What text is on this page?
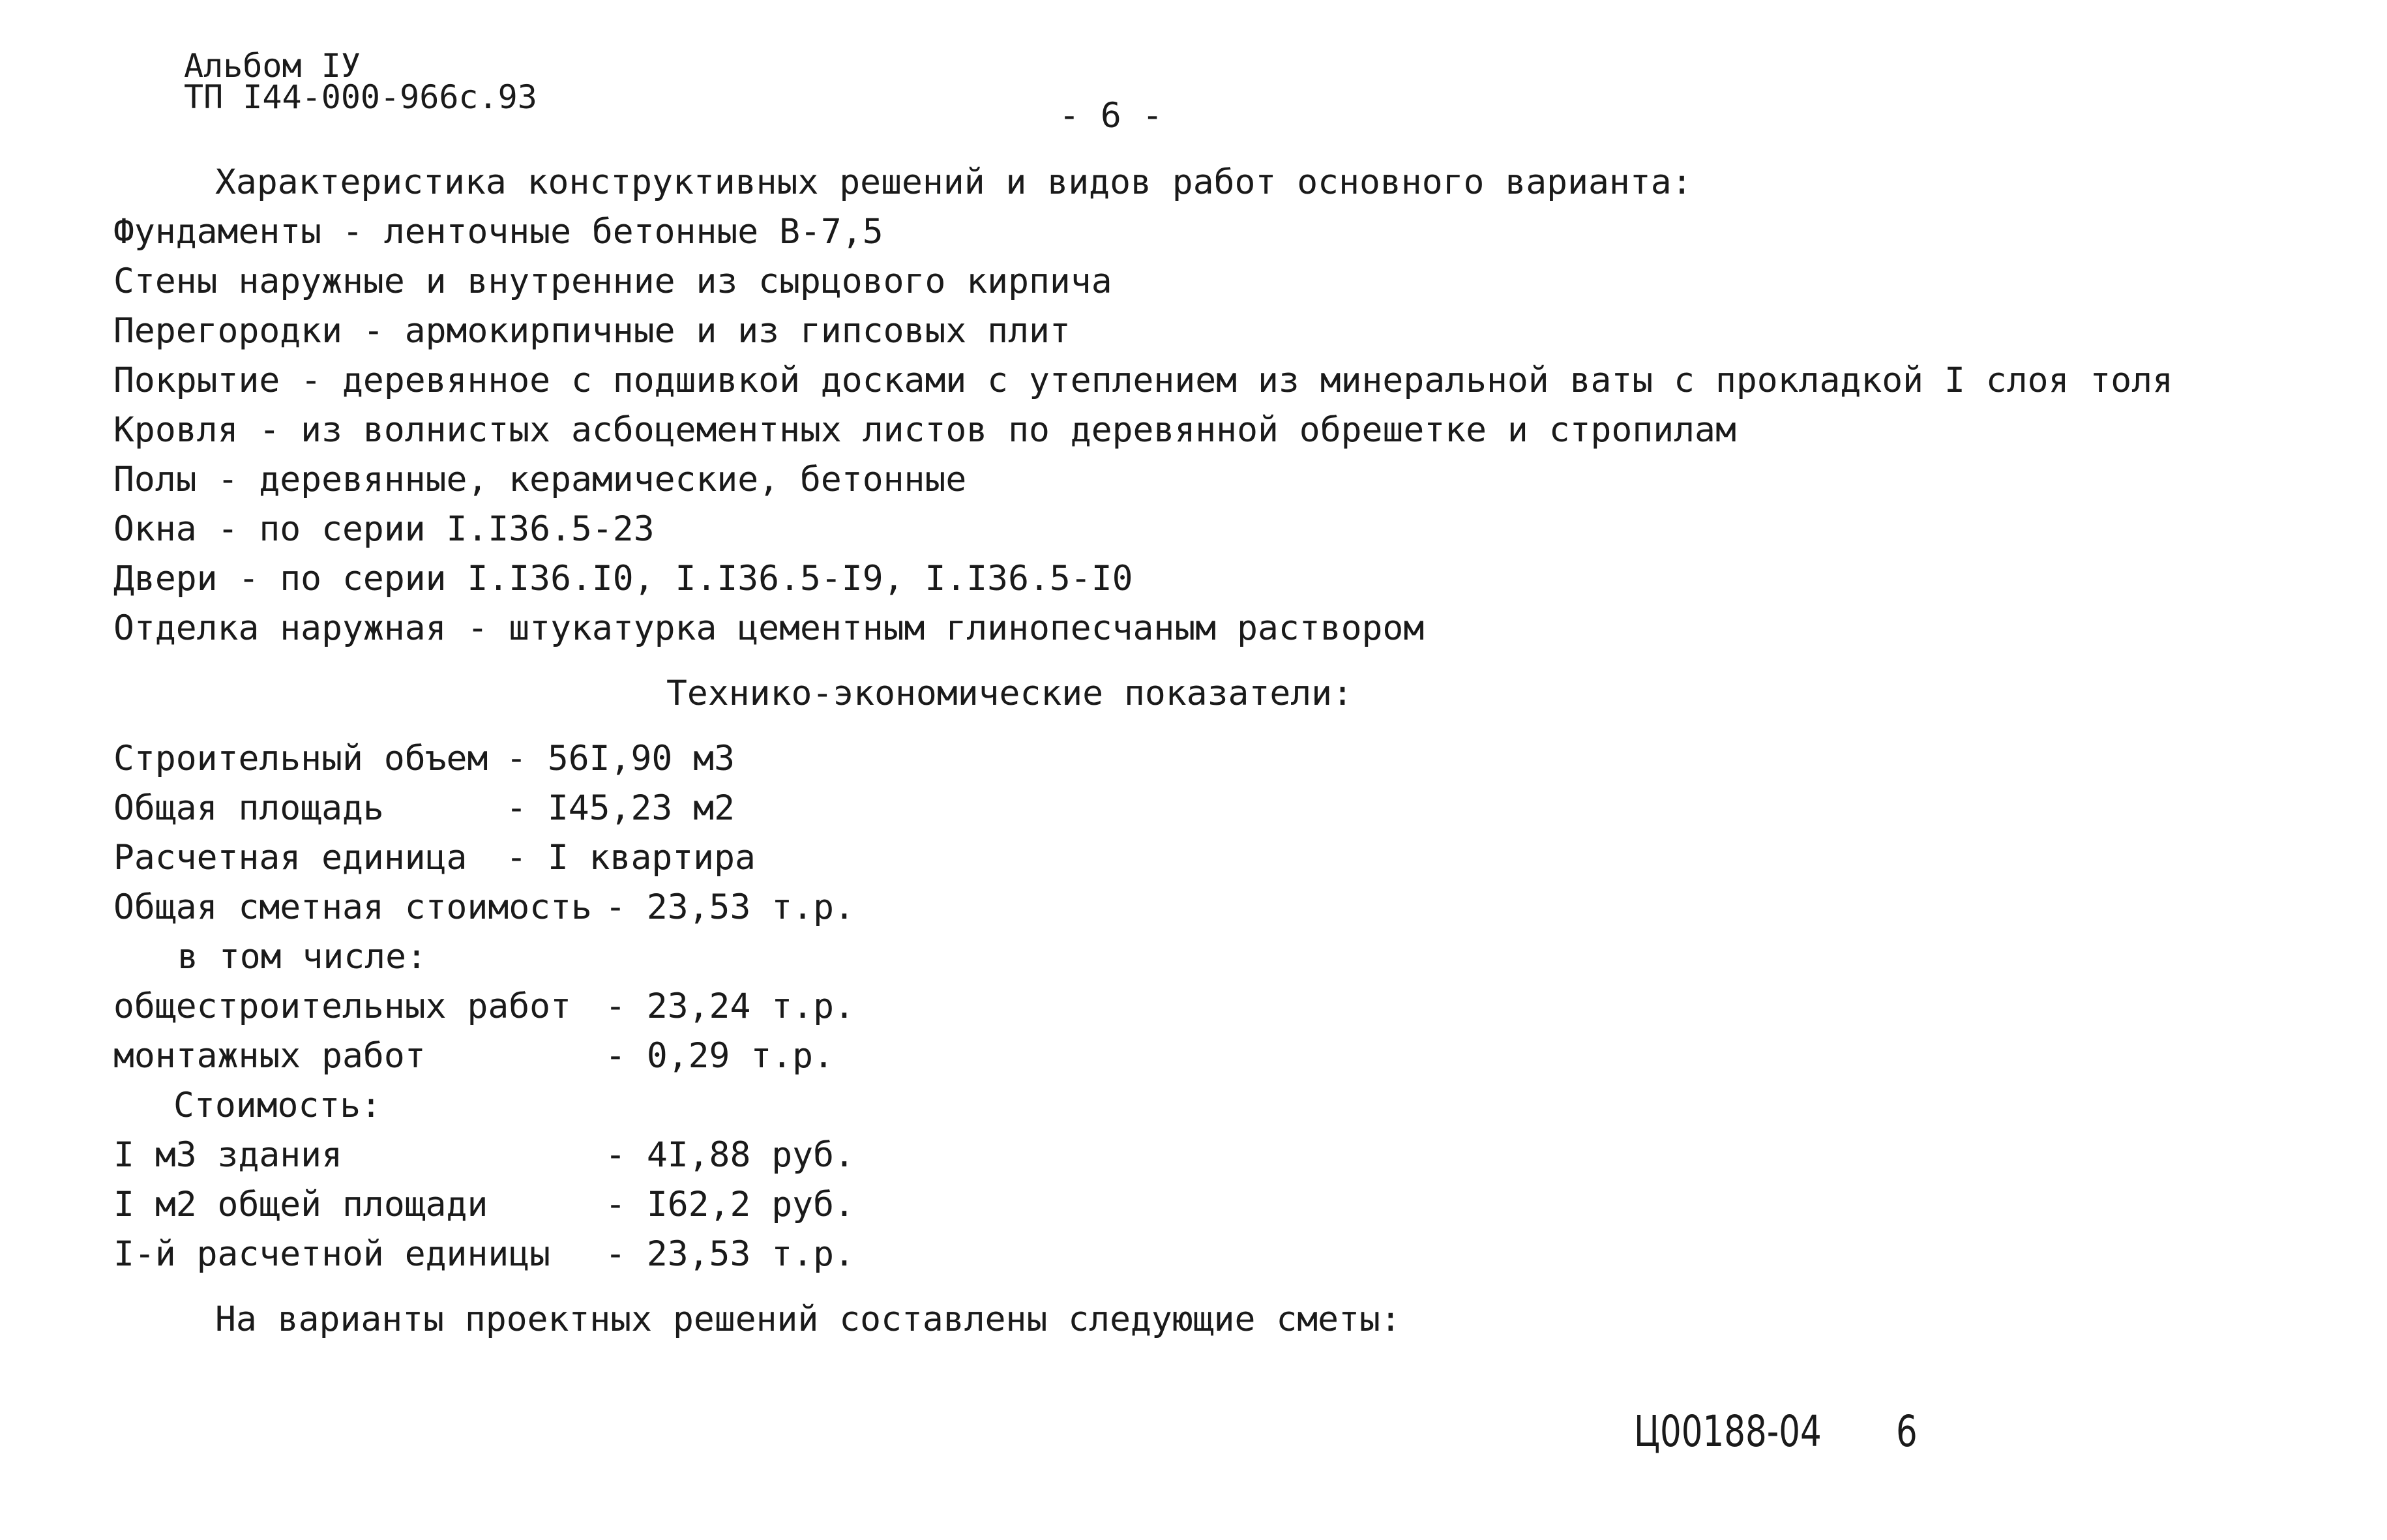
Альбом IУ
ТП I44-000-966с.93	- 6 -
Характеристика конструктивных решений и видов работ основного варианта:
Фундаменты - ленточные бетонные В-7,5
Стены наружные и внутренние из сырцового кирпича
Перегородки - армокирпичные и из гипсовых плит
Покрытие - деревянное с подшивкой досками с утеплением из минеральной ваты с прокладкой I слоя толя
Кровля - из волнистых асбоцементных листов по деревянной обрешетке и стропилам
Полы - деревянные, керамические, бетонные
Окна - по серии I.I36.5-23
Двери - по серии I.I36.I0, I.I36.5-I9, I.I36.5-I0
Отделка наружная - штукатурка цементным глинопесчаным раствором
Технико-экономические показатели:
Строительный объем - 56I,90 м3
Общая площадь	- I45,23 м2
Расчетная единица - I квартира
Общая сметная стоимость - 23,53 т.р.
в том числе:
общестроительных работ - 23,24 т.р.
монтажных работ	- 0,29 т.р.
Стоимость:
I м3 здания	- 4I,88 руб.
I м2 общей площади	- I62,2 руб.
I-й расчетной единицы - 23,53 т.р.
На варианты проектных решений составлены следующие сметы:
Ц00188-04 6
